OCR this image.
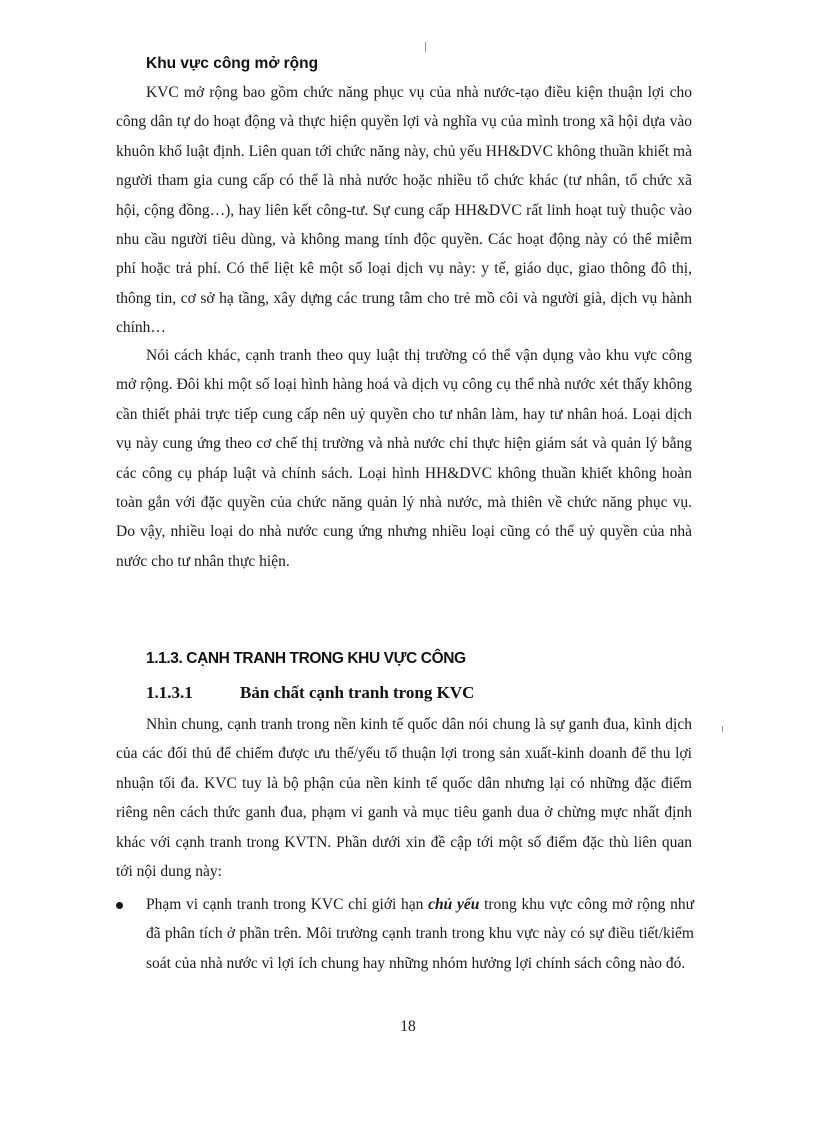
Khu vực công mở rộng

KVC mở rộng bao gồm chức năng phục vụ của nhà nước-tạo điều kiện thuận lợi cho công dân tự do hoạt động và thực hiện quyền lợi và nghĩa vụ của mình trong xã hội dựa vào khuôn khổ luật định. Liên quan tới chức năng này, chủ yếu HH&DVC không thuần khiết mà người tham gia cung cấp có thể là nhà nước hoặc nhiều tổ chức khác (tư nhân, tổ chức xã hội, cộng đồng…), hay liên kết công-tư. Sự cung cấp HH&DVC rất linh hoạt tuỳ thuộc vào nhu cầu người tiêu dùng, và không mang tính độc quyền. Các hoạt động này có thể miễm phí hoặc trả phí. Có thể liệt kê một số loại dịch vụ này: y tế, giáo dục, giao thông đô thị, thông tin, cơ sở hạ tầng, xây dựng các trung tâm cho trẻ mồ côi và người già, dịch vụ hành chính…

Nói cách khác, cạnh tranh theo quy luật thị trường có thể vận dụng vào khu vực công mở rộng. Đôi khi một số loại hình hàng hoá và dịch vụ công cụ thể nhà nước xét thấy không cần thiết phải trực tiếp cung cấp nên uỷ quyền cho tư nhân làm, hay tư nhân hoá. Loại dịch vụ này cung ứng theo cơ chế thị trường và nhà nước chỉ thực hiện giám sát và quản lý bằng các công cụ pháp luật và chính sách. Loại hình HH&DVC không thuần khiết không hoàn toàn gắn với đặc quyền của chức năng quản lý nhà nước, mà thiên về chức năng phục vụ. Do vậy, nhiều loại do nhà nước cung ứng nhưng nhiều loại cũng có thể uỷ quyền của nhà nước cho tư nhân thực hiện.

1.1.3. CẠNH TRANH TRONG KHU VỰC CÔNG
1.1.3.1	Bản chất cạnh tranh trong KVC

Nhìn chung, cạnh tranh trong nền kinh tế quốc dân nói chung là sự ganh đua, kình dịch của các đối thủ để chiếm được ưu thế/yếu tố thuận lợi trong sản xuất-kinh doanh để thu lợi nhuận tối đa. KVC tuy là bộ phận của nền kinh tế quốc dân nhưng lại có những đặc điểm riêng nên cách thức ganh đua, phạm vi ganh và mục tiêu ganh dua ở chừng mực nhất định khác với cạnh tranh trong KVTN. Phần dưới xin đề cập tới một số điểm đặc thù liên quan tới nội dung này:

Phạm vi cạnh tranh trong KVC chỉ giới hạn chủ yếu trong khu vực công mở rộng như đã phân tích ở phần trên. Môi trường cạnh tranh trong khu vực này có sự điều tiết/kiểm soát của nhà nước vì lợi ích chung hay những nhóm hưởng lợi chính sách công nào đó.

18
